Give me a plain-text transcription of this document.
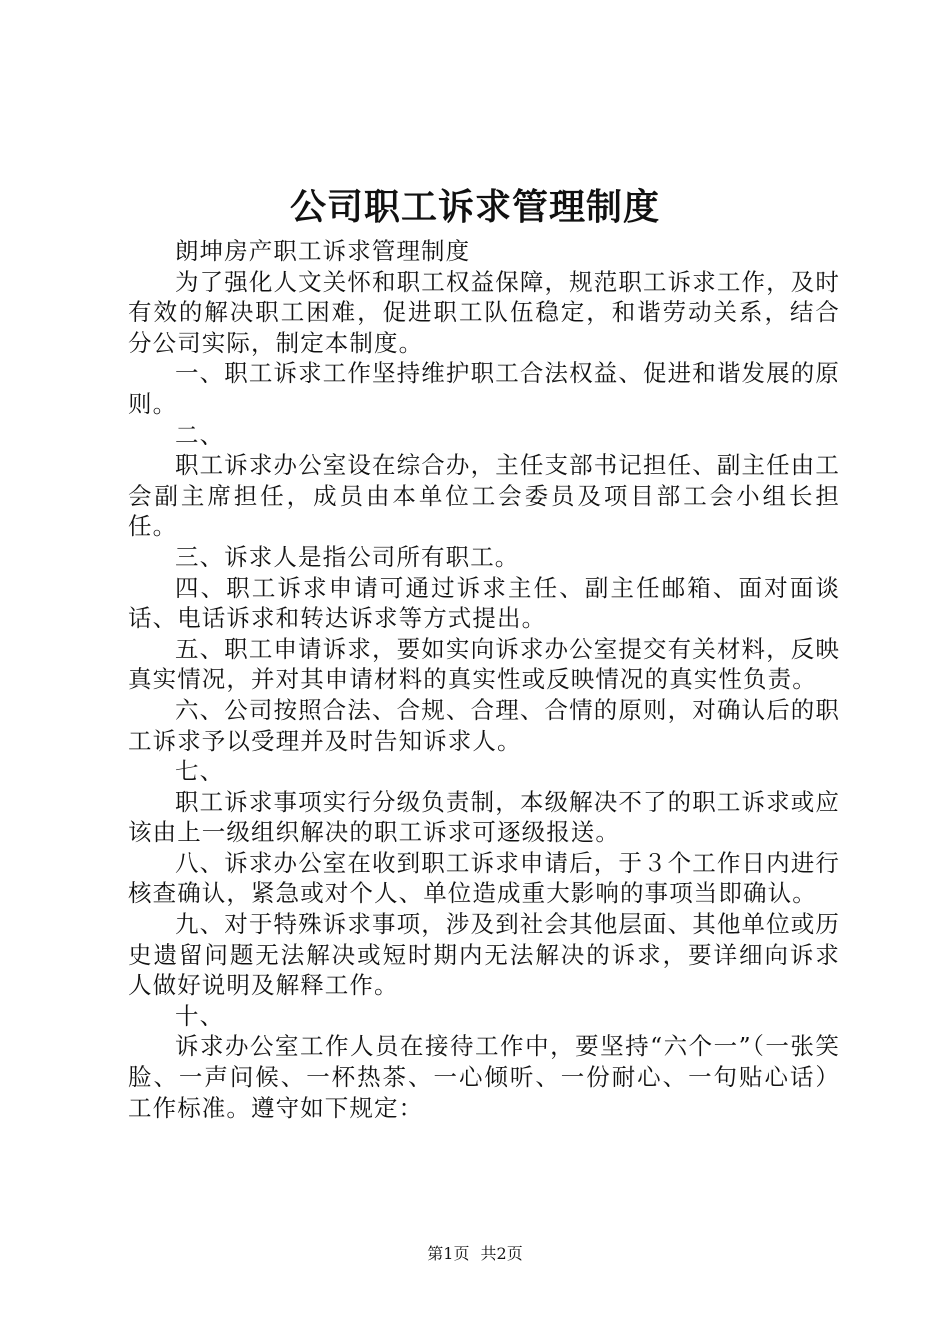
公司职工诉求管理制度

朗坤房产职工诉求管理制度

为了强化人文关怀和职工权益保障，规范职工诉求工作，及时有效的解决职工困难，促进职工队伍稳定，和谐劳动关系，结合分公司实际，制定本制度。

一、职工诉求工作坚持维护职工合法权益、促进和谐发展的原则。

二、

职工诉求办公室设在综合办，主任支部书记担任、副主任由工会副主席担任，成员由本单位工会委员及项目部工会小组长担任。

三、诉求人是指公司所有职工。

四、职工诉求申请可通过诉求主任、副主任邮箱、面对面谈话、电话诉求和转达诉求等方式提出。

五、职工申请诉求，要如实向诉求办公室提交有关材料，反映真实情况，并对其申请材料的真实性或反映情况的真实性负责。

六、公司按照合法、合规、合理、合情的原则，对确认后的职工诉求予以受理并及时告知诉求人。

七、

职工诉求事项实行分级负责制，本级解决不了的职工诉求或应该由上一级组织解决的职工诉求可逐级报送。

八、诉求办公室在收到职工诉求申请后，于３个工作日内进行核查确认，紧急或对个人、单位造成重大影响的事项当即确认。

九、对于特殊诉求事项，涉及到社会其他层面、其他单位或历史遗留问题无法解决或短时期内无法解决的诉求，要详细向诉求人做好说明及解释工作。

十、

诉求办公室工作人员在接待工作中，要坚持“六个一”（一张笑脸、一声问候、一杯热茶、一心倾听、一份耐心、一句贴心话）工作标准。遵守如下规定：

第1页 共2页
